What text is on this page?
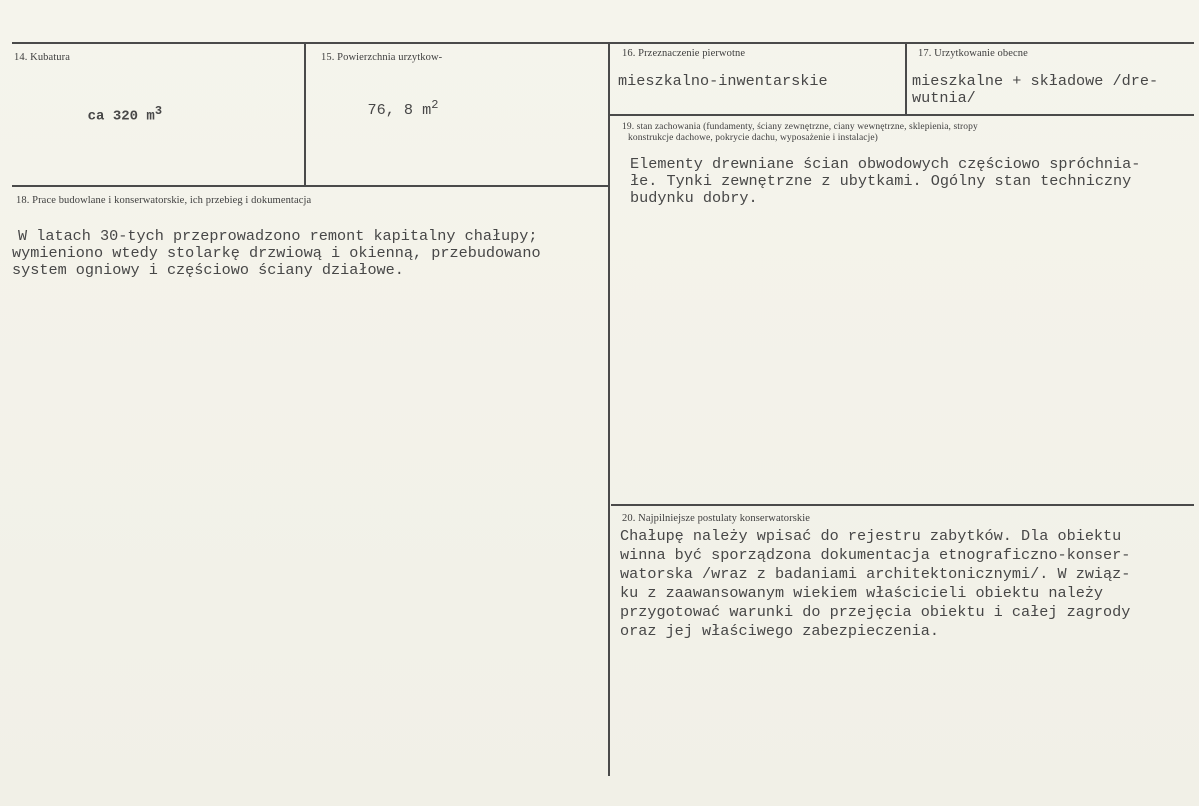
14. Kubatura

ca 320 $m^3$

15. Powierzchnia urzytkow-

76, 8 $m^2$

16. Przeznaczenie pierwotne
mieszkalno-inwentarskie
17. Urzytkowanie obecne
mieszkalne + składowe /dre-
wutnia/
18. Prace budowlane i konserwatorskie, ich przebieg i dokumentacja
W latach 30-tych przeprowadzono remont kapitalny chałupy;
wymieniono wtedy stolarkę drzwiową i okienną, przebudowano
system ogniowy i częściowo ściany działowe.
19. stan zachowania (fundamenty, ściany zewnętrzne, ciany wewnętrzne, sklepienia, stropy
konstrukcje dachowe, pokrycie dachu, wyposażenie i instalacje)
Elementy drewniane ścian obwodowych częściowo spróchnia-
łe. Tynki zewnętrzne z ubytkami. Ogólny stan techniczny
budynku dobry.
20. Najpilniejsze postulaty konserwatorskie
Chałupę należy wpisać do rejestru zabytków. Dla obiektu
winna być sporządzona dokumentacja etnograficzno-konser-
watorska /wraz z badaniami architektonicznymi/. W związ-
ku z zaawansowanym wiekiem właścicieli obiektu należy
przygotować warunki do przejęcia obiektu i całej zagrody
oraz jej właściwego zabezpieczenia.
